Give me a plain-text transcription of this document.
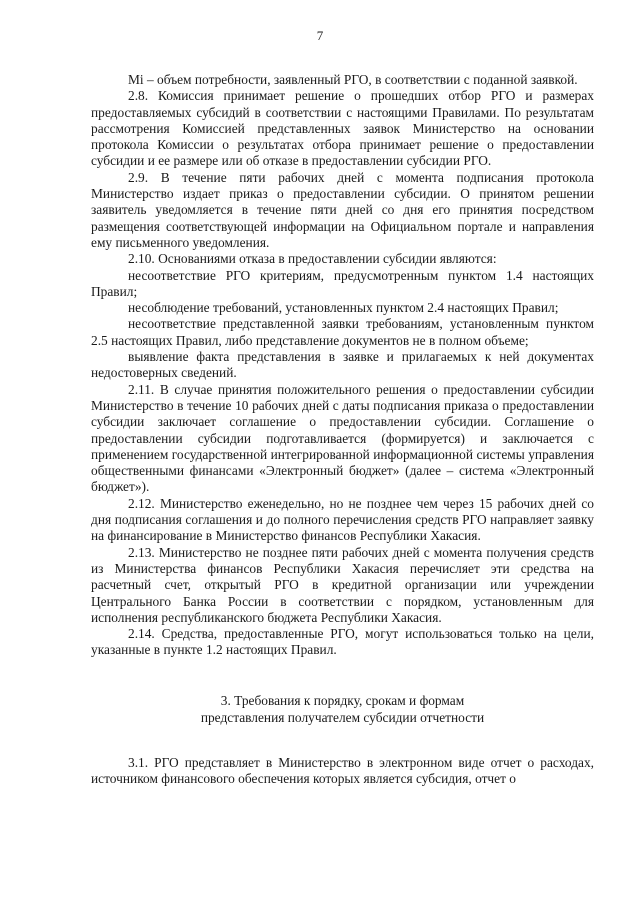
7

Mi – объем потребности, заявленный РГО, в соответствии с поданной заявкой.

2.8. Комиссия принимает решение о прошедших отбор РГО и размерах предоставляемых субсидий в соответствии с настоящими Правилами. По результатам рассмотрения Комиссией представленных заявок Министерство на основании протокола Комиссии о результатах отбора принимает решение о предоставлении субсидии и ее размере или об отказе в предоставлении субсидии РГО.

2.9. В течение пяти рабочих дней с момента подписания протокола Министерство издает приказ о предоставлении субсидии. О принятом решении заявитель уведомляется в течение пяти дней со дня его принятия посредством размещения соответствующей информации на Официальном портале и направления ему письменного уведомления.

2.10. Основаниями отказа в предоставлении субсидии являются:

несоответствие РГО критериям, предусмотренным пунктом 1.4 настоящих Правил;

несоблюдение требований, установленных пунктом 2.4 настоящих Правил;

несоответствие представленной заявки требованиям, установленным пунктом 2.5 настоящих Правил, либо представление документов не в полном объеме;

выявление факта представления в заявке и прилагаемых к ней документах недостоверных сведений.

2.11. В случае принятия положительного решения о предоставлении субсидии Министерство в течение 10 рабочих дней с даты подписания приказа о предоставлении субсидии заключает соглашение о предоставлении субсидии. Соглашение о предоставлении субсидии подготавливается (формируется) и заключается с применением государственной интегрированной информационной системы управления общественными финансами «Электронный бюджет» (далее – система «Электронный бюджет»).

2.12. Министерство еженедельно, но не позднее чем через 15 рабочих дней со дня подписания соглашения и до полного перечисления средств РГО направляет заявку на финансирование в Министерство финансов Республики Хакасия.

2.13. Министерство не позднее пяти рабочих дней с момента получения средств из Министерства финансов Республики Хакасия перечисляет эти средства на расчетный счет, открытый РГО в кредитной организации или учреждении Центрального Банка России в соответствии с порядком, установленным для исполнения республиканского бюджета Республики Хакасия.

2.14. Средства, предоставленные РГО, могут использоваться только на цели, указанные в пункте 1.2 настоящих Правил.

3. Требования к порядку, срокам и формам
представления получателем субсидии отчетности

3.1. РГО представляет в Министерство в электронном виде отчет о расходах, источником финансового обеспечения которых является субсидия, отчет о
